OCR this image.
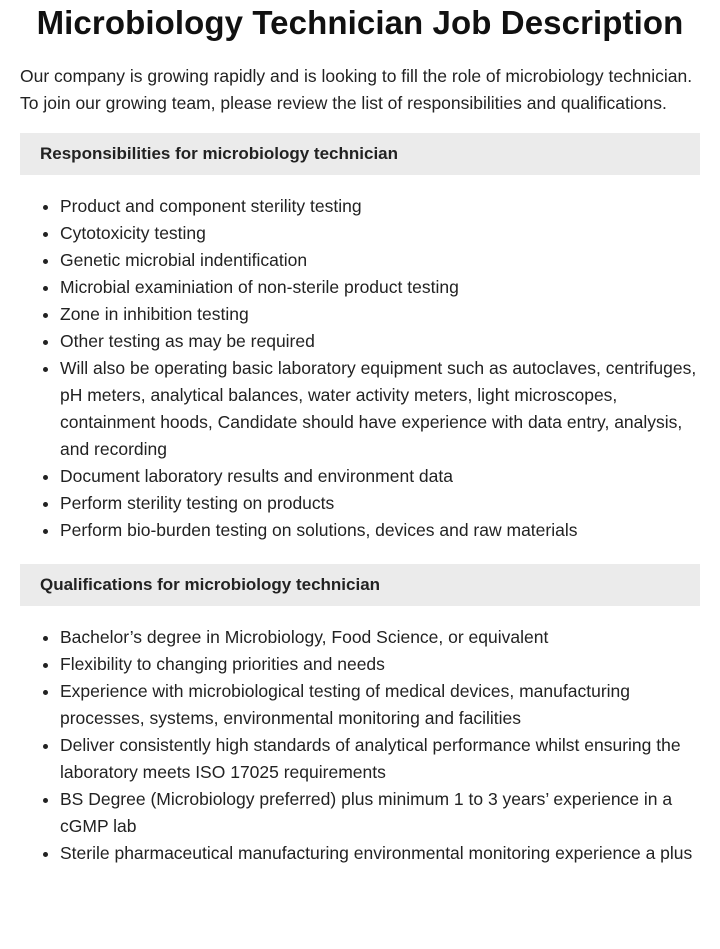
Microbiology Technician Job Description

Our company is growing rapidly and is looking to fill the role of microbiology technician. To join our growing team, please review the list of responsibilities and qualifications.

Responsibilities for microbiology technician
• Product and component sterility testing
• Cytotoxicity testing
• Genetic microbial indentification
• Microbial examiniation of non-sterile product testing
• Zone in inhibition testing
• Other testing as may be required
• Will also be operating basic laboratory equipment such as autoclaves, centrifuges, pH meters, analytical balances, water activity meters, light microscopes, containment hoods, Candidate should have experience with data entry, analysis, and recording
• Document laboratory results and environment data
• Perform sterility testing on products
• Perform bio-burden testing on solutions, devices and raw materials
Qualifications for microbiology technician
• Bachelor’s degree in Microbiology, Food Science, or equivalent
• Flexibility to changing priorities and needs
• Experience with microbiological testing of medical devices, manufacturing processes, systems, environmental monitoring and facilities
• Deliver consistently high standards of analytical performance whilst ensuring the laboratory meets ISO 17025 requirements
• BS Degree (Microbiology preferred) plus minimum 1 to 3 years’ experience in a cGMP lab
• Sterile pharmaceutical manufacturing environmental monitoring experience a plus
